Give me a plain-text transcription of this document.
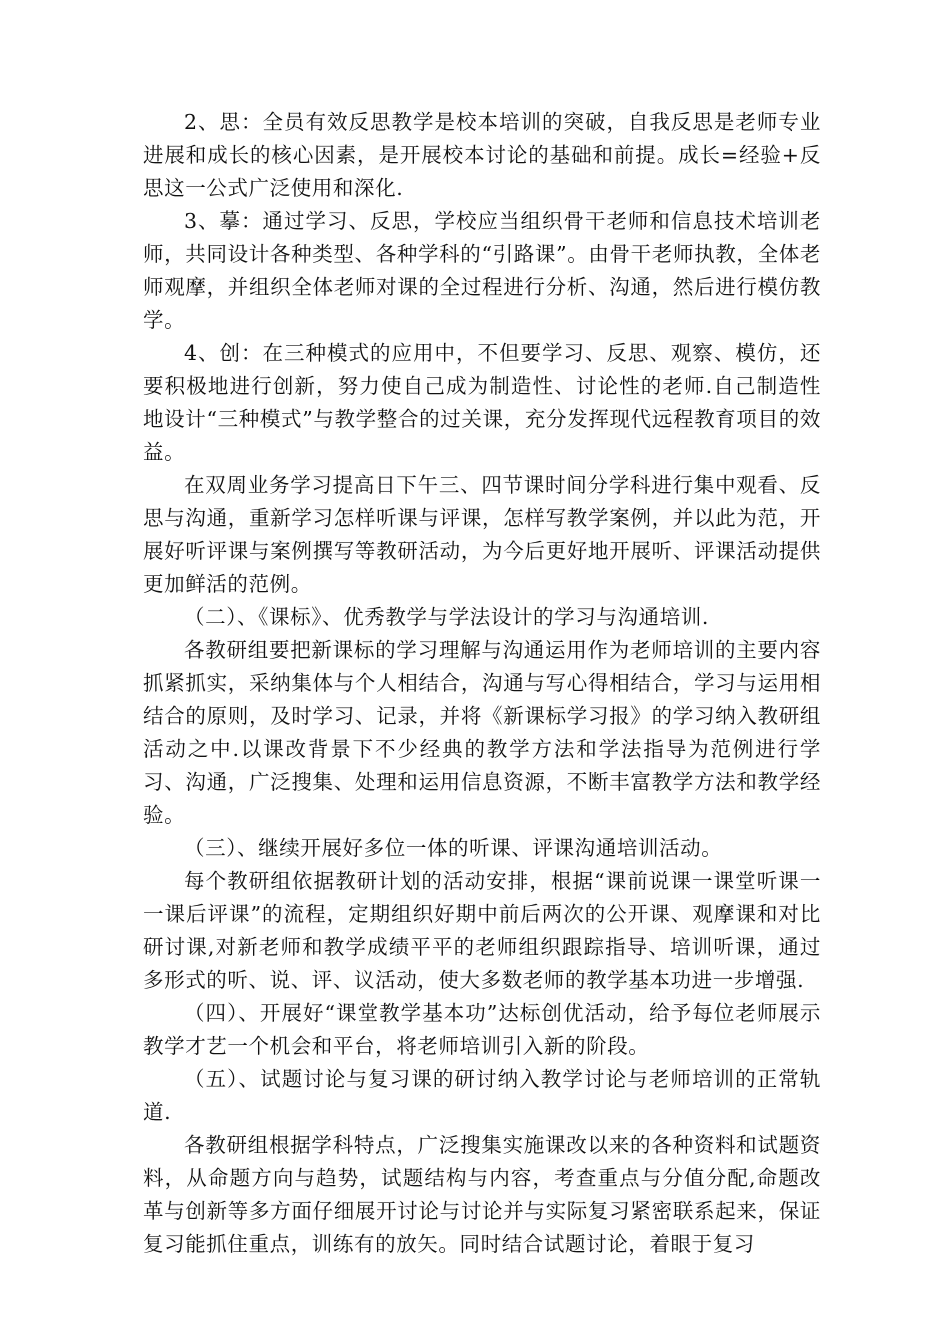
2、思：全员有效反思教学是校本培训的突破，自我反思是老师专业进展和成长的核心因素，是开展校本讨论的基础和前提。成长=经验+反思这一公式广泛使用和深化.

3、摹：通过学习、反思，学校应当组织骨干老师和信息技术培训老师，共同设计各种类型、各种学科的“引路课”。由骨干老师执教，全体老师观摩，并组织全体老师对课的全过程进行分析、沟通，然后进行模仿教学。

4、创：在三种模式的应用中，不但要学习、反思、观察、模仿，还要积极地进行创新，努力使自己成为制造性、讨论性的老师.自己制造性地设计“三种模式”与教学整合的过关课，充分发挥现代远程教育项目的效益。

在双周业务学习提高日下午三、四节课时间分学科进行集中观看、反思与沟通，重新学习怎样听课与评课，怎样写教学案例，并以此为范，开展好听评课与案例撰写等教研活动，为今后更好地开展听、评课活动提供更加鲜活的范例。

（二）、《课标》、优秀教学与学法设计的学习与沟通培训.

各教研组要把新课标的学习理解与沟通运用作为老师培训的主要内容抓紧抓实，采纳集体与个人相结合，沟通与写心得相结合，学习与运用相结合的原则，及时学习、记录，并将《新课标学习报》的学习纳入教研组活动之中.以课改背景下不少经典的教学方法和学法指导为范例进行学习、沟通，广泛搜集、处理和运用信息资源，不断丰富教学方法和教学经验。

（三）、继续开展好多位一体的听课、评课沟通培训活动。

每个教研组依据教研计划的活动安排，根据“课前说课一课堂听课一一课后评课”的流程，定期组织好期中前后两次的公开课、观摩课和对比研讨课,对新老师和教学成绩平平的老师组织跟踪指导、培训听课，通过多形式的听、说、评、议活动，使大多数老师的教学基本功进一步增强.

（四）、开展好“课堂教学基本功”达标创优活动，给予每位老师展示教学才艺一个机会和平台，将老师培训引入新的阶段。

（五）、试题讨论与复习课的研讨纳入教学讨论与老师培训的正常轨道.

各教研组根据学科特点，广泛搜集实施课改以来的各种资料和试题资料，从命题方向与趋势，试题结构与内容，考查重点与分值分配,命题改革与创新等多方面仔细展开讨论与讨论并与实际复习紧密联系起来，保证复习能抓住重点，训练有的放矢。同时结合试题讨论，着眼于复习
